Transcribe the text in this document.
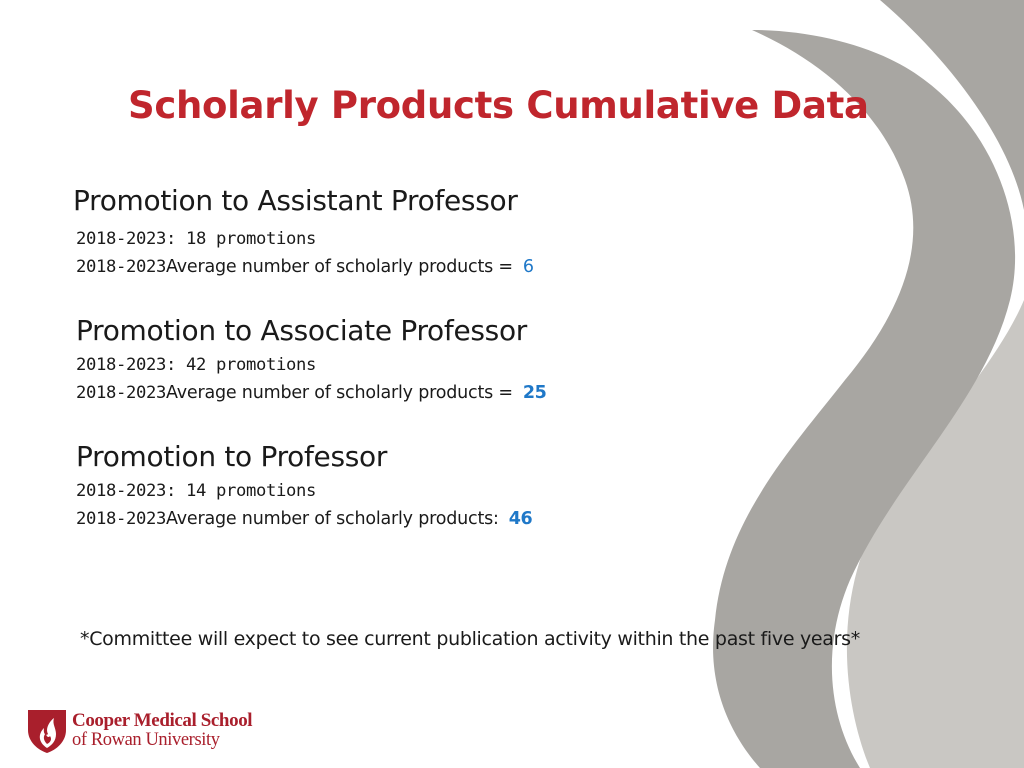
Scholarly Products Cumulative Data
Promotion to Assistant Professor
2018-2023: 18 promotions
2018-2023Average number of scholarly products = 6
Promotion to Associate Professor
2018-2023: 42 promotions
2018-2023Average number of scholarly products = 25
Promotion to Professor
2018-2023: 14 promotions
2018-2023Average number of scholarly products: 46
*Committee will expect to see current publication activity within the past five years*
Cooper Medical School
of Rowan University
